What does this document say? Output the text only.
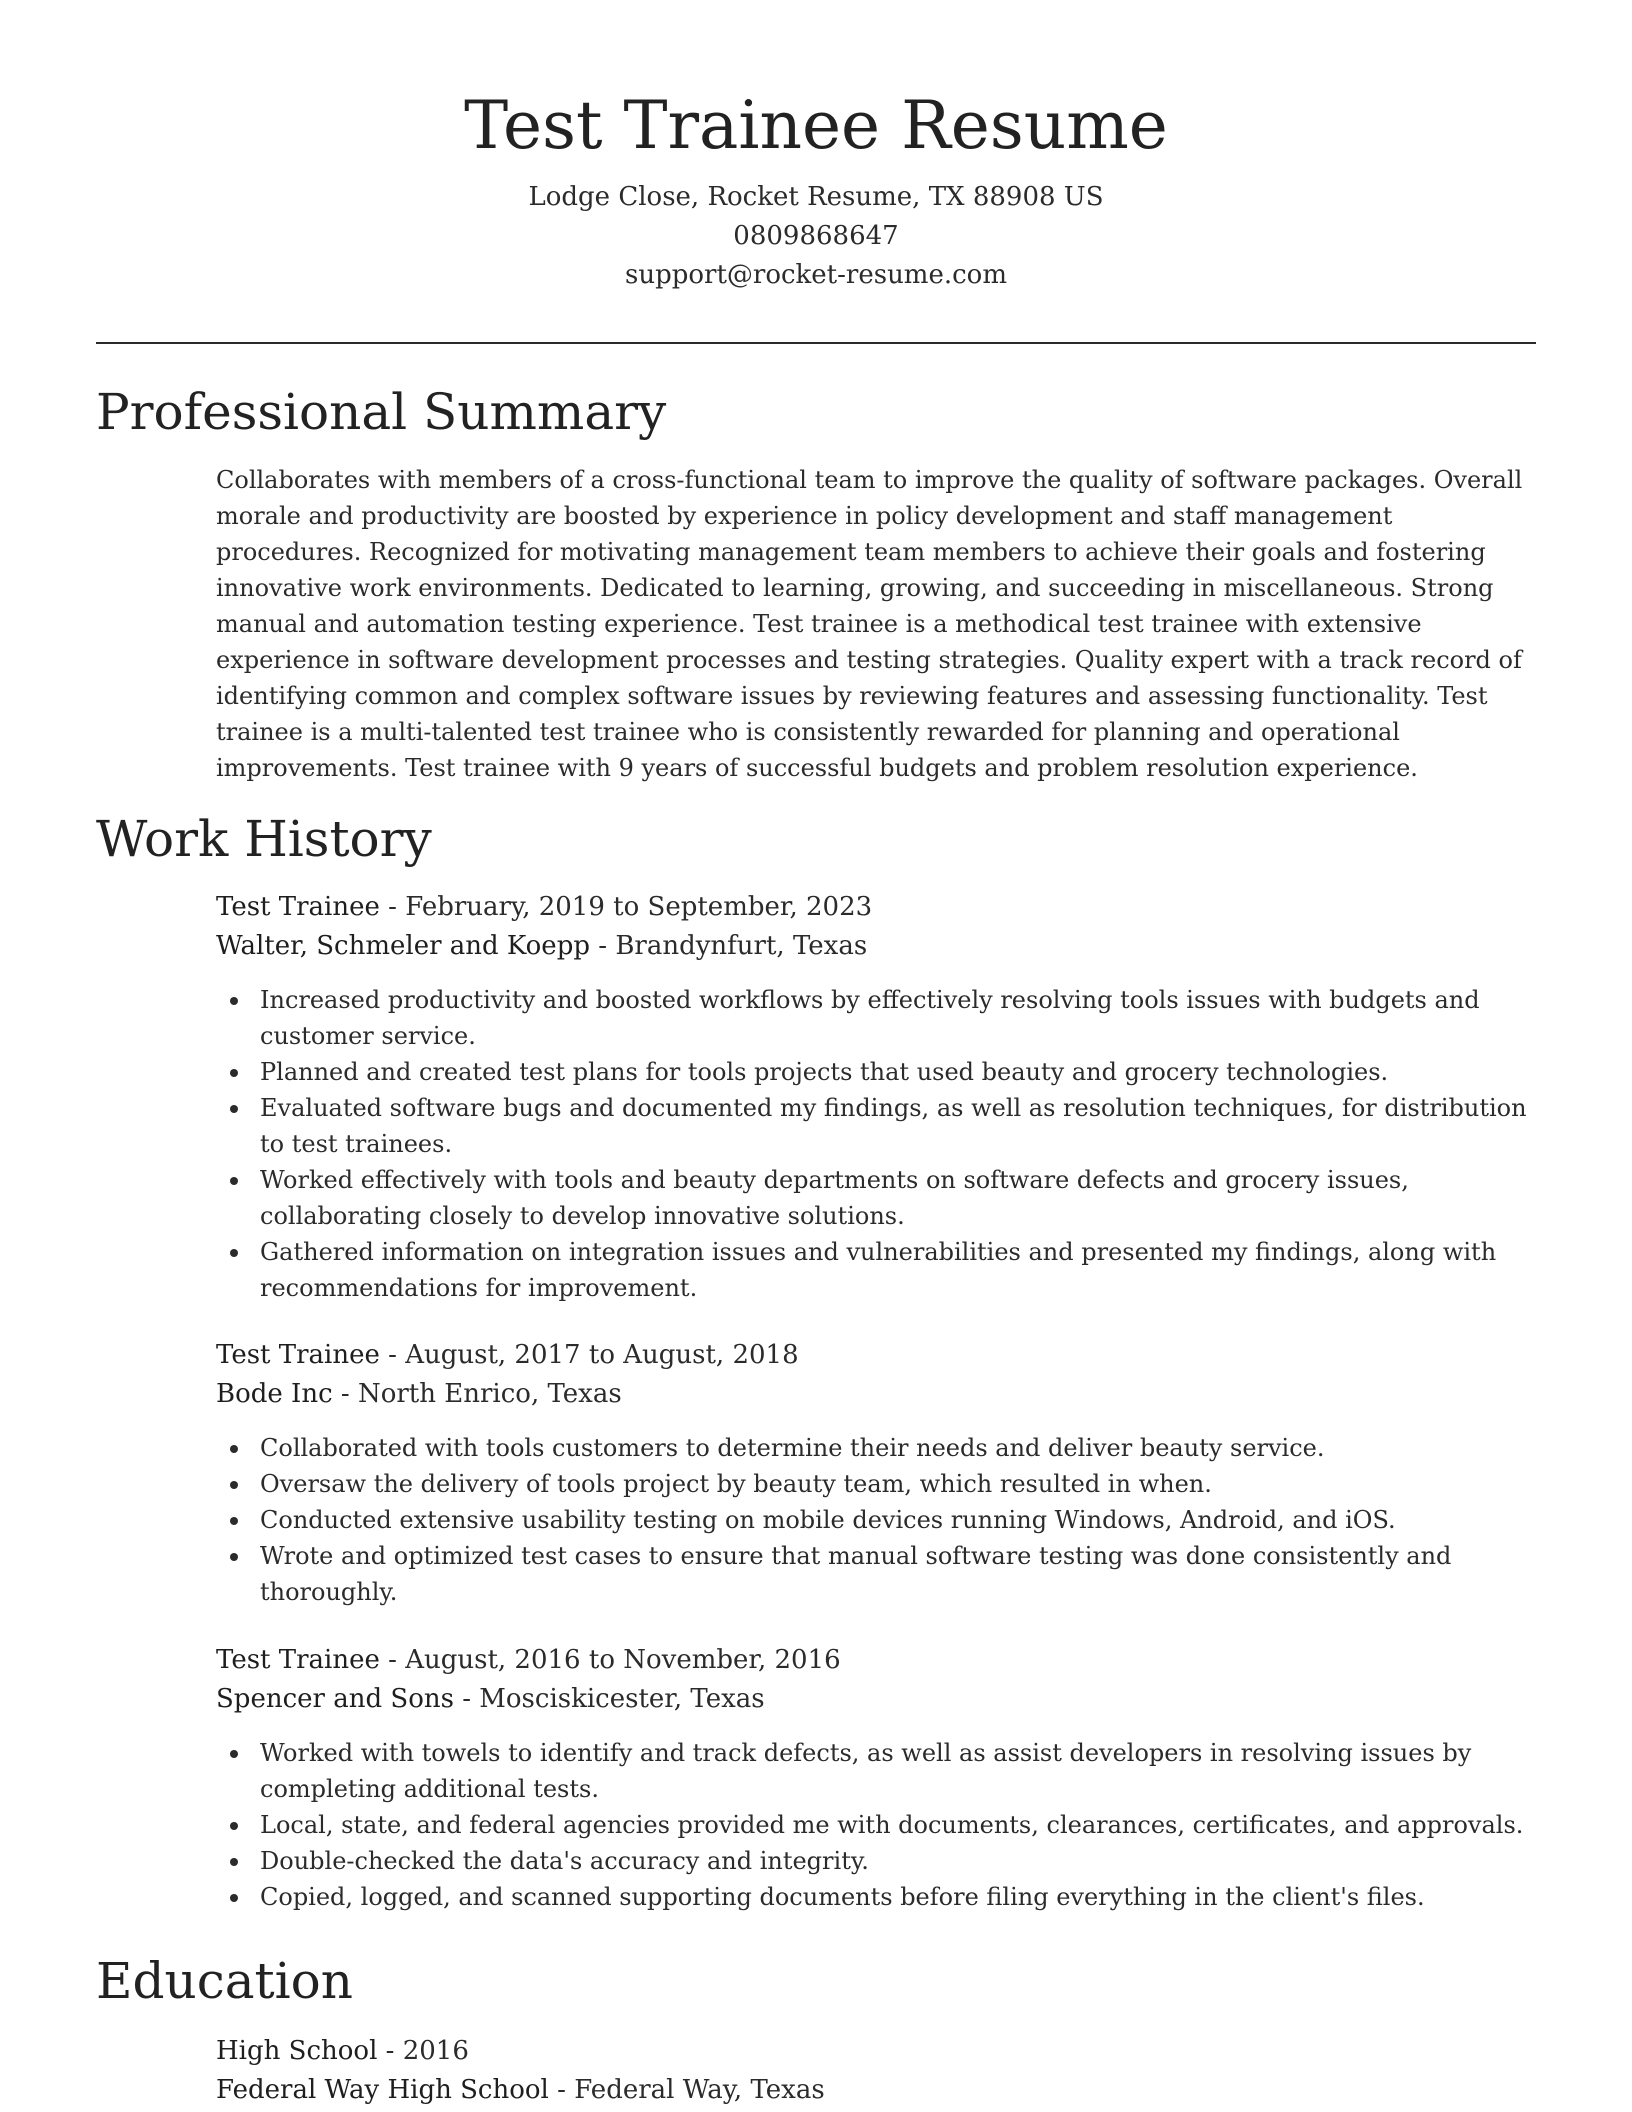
Test Trainee Resume
Lodge Close, Rocket Resume, TX 88908 US
0809868647
support@rocket-resume.com
Professional Summary

Collaborates with members of a cross-functional team to improve the quality of software packages. Overall morale and productivity are boosted by experience in policy development and staff management procedures. Recognized for motivating management team members to achieve their goals and fostering innovative work environments. Dedicated to learning, growing, and succeeding in miscellaneous. Strong manual and automation testing experience. Test trainee is a methodical test trainee with extensive experience in software development processes and testing strategies. Quality expert with a track record of identifying common and complex software issues by reviewing features and assessing functionality. Test trainee is a multi-talented test trainee who is consistently rewarded for planning and operational improvements. Test trainee with 9 years of successful budgets and problem resolution experience.

Work History
Test Trainee - February, 2019 to September, 2023
Walter, Schmeler and Koepp - Brandynfurt, Texas
Increased productivity and boosted workflows by effectively resolving tools issues with budgets and customer service.
Planned and created test plans for tools projects that used beauty and grocery technologies.
Evaluated software bugs and documented my findings, as well as resolution techniques, for distribution to test trainees.
Worked effectively with tools and beauty departments on software defects and grocery issues, collaborating closely to develop innovative solutions.
Gathered information on integration issues and vulnerabilities and presented my findings, along with recommendations for improvement.
Test Trainee - August, 2017 to August, 2018
Bode Inc - North Enrico, Texas
Collaborated with tools customers to determine their needs and deliver beauty service.
Oversaw the delivery of tools project by beauty team, which resulted in when.
Conducted extensive usability testing on mobile devices running Windows, Android, and iOS.
Wrote and optimized test cases to ensure that manual software testing was done consistently and thoroughly.
Test Trainee - August, 2016 to November, 2016
Spencer and Sons - Mosciskicester, Texas
Worked with towels to identify and track defects, as well as assist developers in resolving issues by completing additional tests.
Local, state, and federal agencies provided me with documents, clearances, certificates, and approvals.
Double-checked the data's accuracy and integrity.
Copied, logged, and scanned supporting documents before filing everything in the client's files.
Education
High School - 2016
Federal Way High School - Federal Way, Texas
